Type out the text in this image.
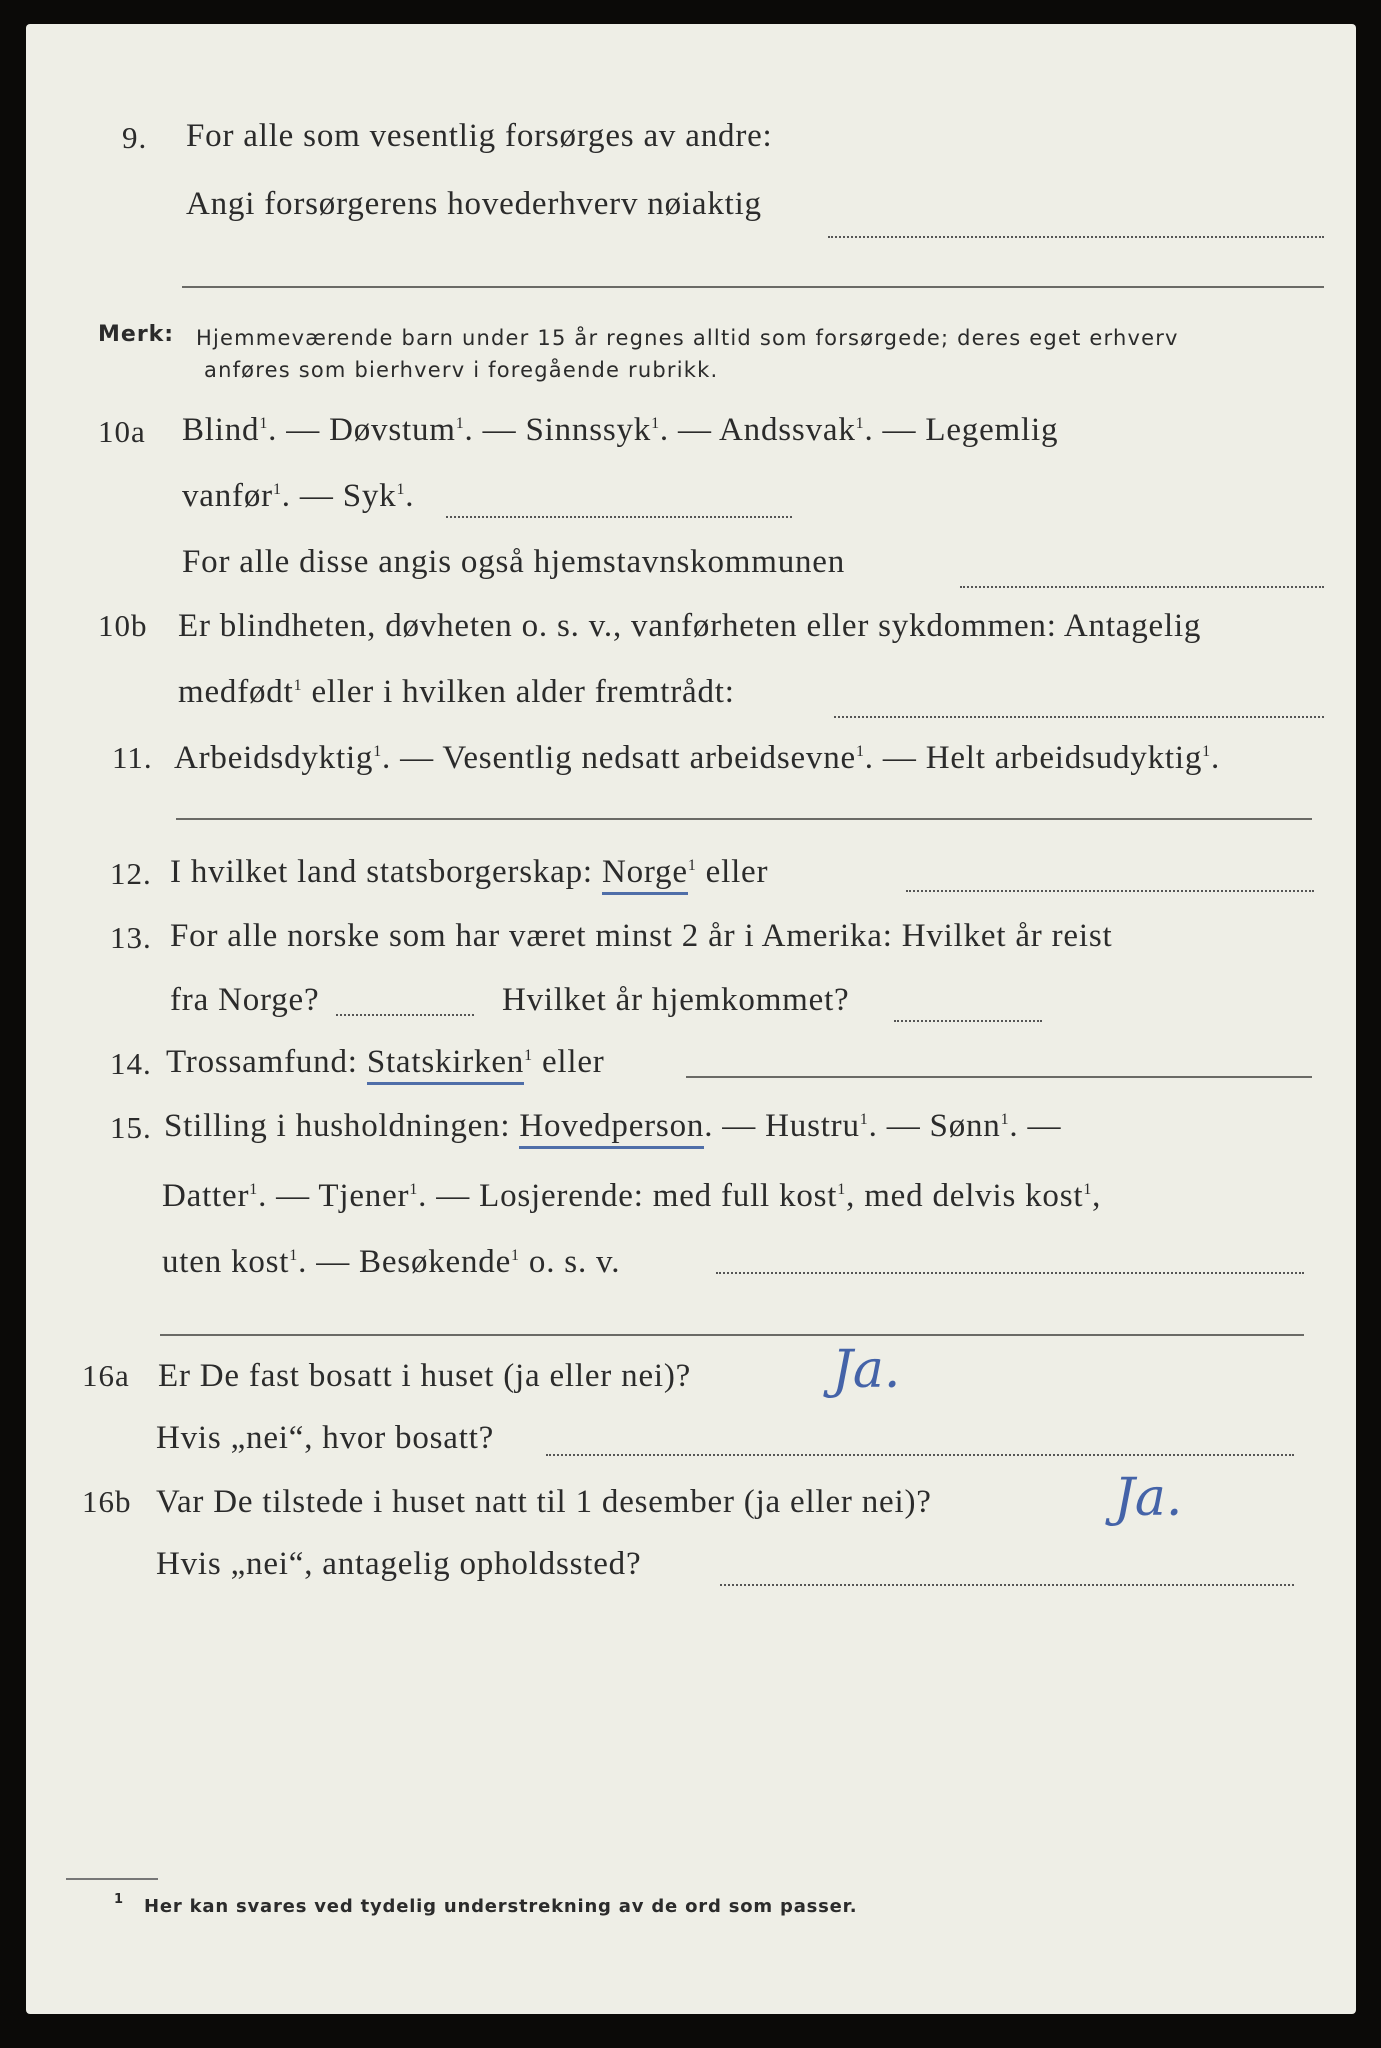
9. For alle som vesentlig forsørges av andre:
Angi forsørgerens hovederhverv nøiaktig
Merk: Hjemmeværende barn under 15 år regnes alltid som forsørgede; deres eget erhverv
anføres som bierhverv i foregående rubrikk.
10a Blind$^1$. — Døvstum$^1$. — Sinnssyk$^1$. — Andssvak$^1$. — Legemlig
vanfør$^1$. — Syk$^1$.
For alle disse angis også hjemstavnskommunen
10b Er blindheten, døvheten o. s. v., vanførheten eller sykdommen: Antagelig
medfødt$^1$ eller i hvilken alder fremtrådt:
11. Arbeidsdyktig$^1$. — Vesentlig nedsatt arbeidsevne$^1$. — Helt arbeidsudyktig$^1$.
12. I hvilket land statsborgerskap: Norge$^1$ eller
13. For alle norske som har været minst 2 år i Amerika: Hvilket år reist
fra Norge?	Hvilket år hjemkommet?
14. Trossamfund: Statskirken$^1$ eller
15. Stilling i husholdningen: Hovedperson. — Hustru$^1$. — Sønn$^1$. —
Datter$^1$. — Tjener$^1$. — Losjerende: med full kost$^1$, med delvis kost$^1$,
uten kost$^1$. — Besøkende$^1$ o. s. v.
16a Er De fast bosatt i huset (ja eller nei)?	Ja.
Hvis „nei“, hvor bosatt?
16b Var De tilstede i huset natt til 1 desember (ja eller nei)?	Ja.
Hvis „nei“, antagelig opholdssted?
1 Her kan svares ved tydelig understrekning av de ord som passer.
